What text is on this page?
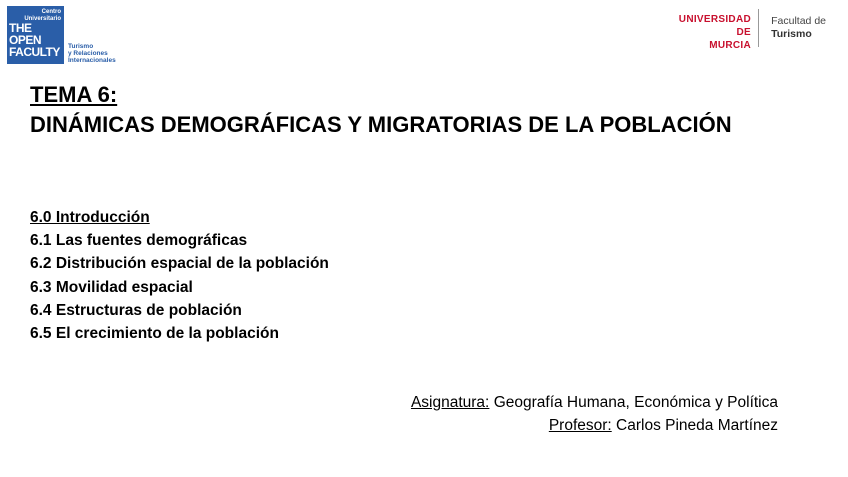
Centro
Universitario
THE
OPEN
FACULTY Turismo
y Relaciones
Internacionales
UNIVERSIDAD DE
MURCIA
Facultad de
Turismo
TEMA 6:
DINÁMICAS DEMOGRÁFICAS Y MIGRATORIAS DE LA POBLACIÓN
6.0 Introducción
6.1 Las fuentes demográficas
6.2 Distribución espacial de la población
6.3 Movilidad espacial
6.4 Estructuras de población
6.5 El crecimiento de la población
Asignatura: Geografía Humana, Económica y Política
Profesor: Carlos Pineda Martínez
